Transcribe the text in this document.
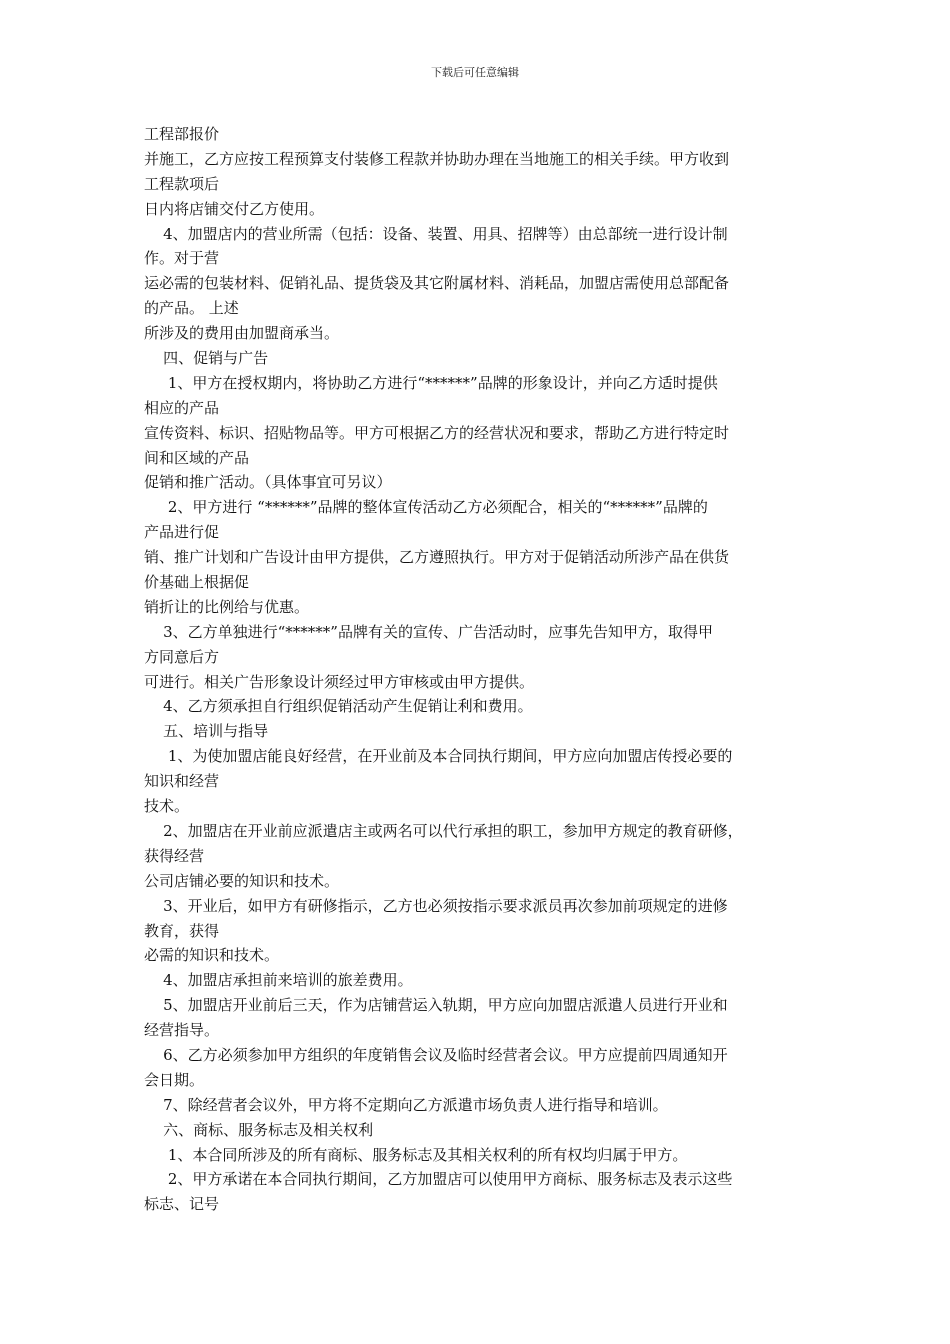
下载后可任意编辑
工程部报价
并施工，乙方应按工程预算支付装修工程款并协助办理在当地施工的相关手续。甲方收到
工程款项后
日内将店铺交付乙方使用。
4、加盟店内的营业所需（包括：设备、装置、用具、招牌等）由总部统一进行设计制
作。对于营
运必需的包装材料、促销礼品、提货袋及其它附属材料、消耗品，加盟店需使用总部配备
的产品。 上述
所涉及的费用由加盟商承当。
四、促销与广告
1、甲方在授权期内，将协助乙方进行“******”品牌的形象设计，并向乙方适时提供
相应的产品
宣传资料、标识、招贴物品等。甲方可根据乙方的经营状况和要求，帮助乙方进行特定时
间和区域的产品
促销和推广活动。（具体事宜可另议）
2、甲方进行 “******”品牌的整体宣传活动乙方必须配合，相关的“******”品牌的
产品进行促
销、推广计划和广告设计由甲方提供，乙方遵照执行。甲方对于促销活动所涉产品在供货
价基础上根据促
销折让的比例给与优惠。
3、乙方单独进行“******”品牌有关的宣传、广告活动时，应事先告知甲方，取得甲
方同意后方
可进行。相关广告形象设计须经过甲方审核或由甲方提供。
4、乙方须承担自行组织促销活动产生促销让利和费用。
五、培训与指导
1、为使加盟店能良好经营，在开业前及本合同执行期间，甲方应向加盟店传授必要的
知识和经营
技术。
2、加盟店在开业前应派遣店主或两名可以代行承担的职工，参加甲方规定的教育研修，
获得经营
公司店铺必要的知识和技术。
3、开业后，如甲方有研修指示，乙方也必须按指示要求派员再次参加前项规定的进修
教育，获得
必需的知识和技术。
4、加盟店承担前来培训的旅差费用。
5、加盟店开业前后三天，作为店铺营运入轨期，甲方应向加盟店派遣人员进行开业和
经营指导。
6、乙方必须参加甲方组织的年度销售会议及临时经营者会议。甲方应提前四周通知开
会日期。
7、除经营者会议外，甲方将不定期向乙方派遣市场负责人进行指导和培训。
六、商标、服务标志及相关权利
1、本合同所涉及的所有商标、服务标志及其相关权利的所有权均归属于甲方。
2、甲方承诺在本合同执行期间，乙方加盟店可以使用甲方商标、服务标志及表示这些
标志、记号
